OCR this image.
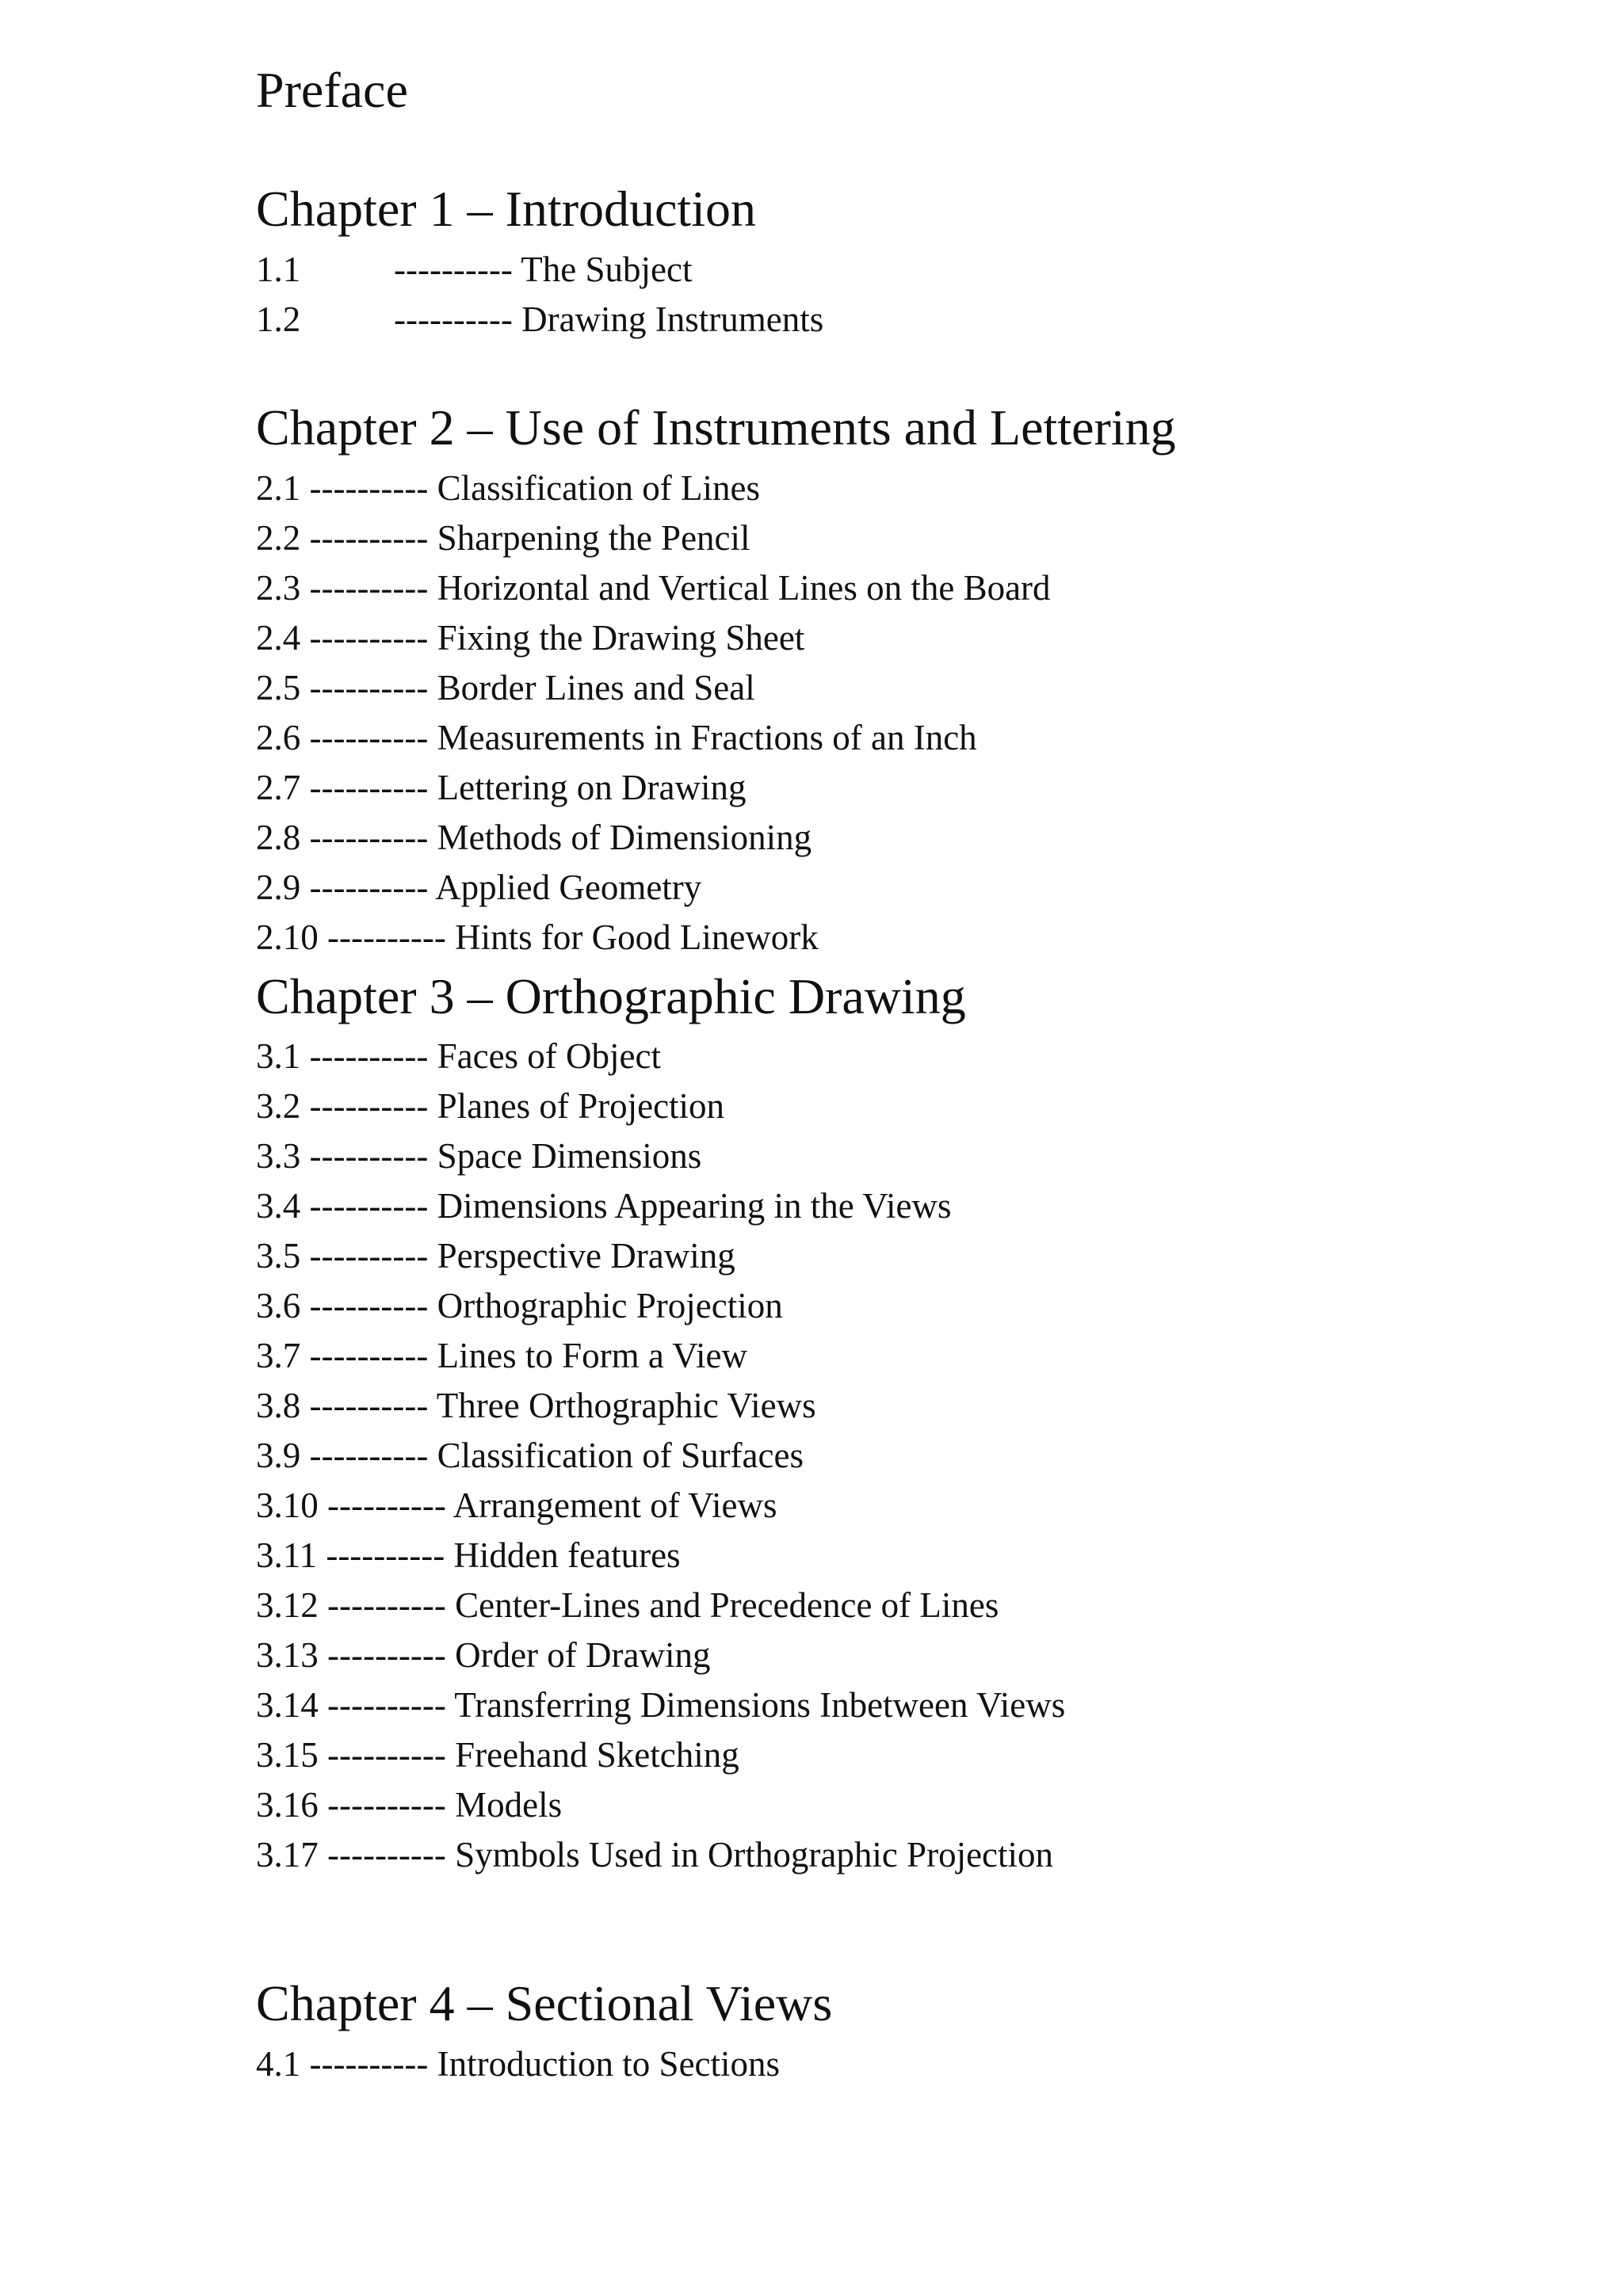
Preface
Chapter 1 – Introduction
1.1	---------- The Subject
1.2	---------- Drawing Instruments
Chapter 2 – Use of Instruments and Lettering
2.1 ---------- Classification of Lines
2.2 ---------- Sharpening the Pencil
2.3 ---------- Horizontal and Vertical Lines on the Board
2.4 ---------- Fixing the Drawing Sheet
2.5 ---------- Border Lines and Seal
2.6 ---------- Measurements in Fractions of an Inch
2.7 ---------- Lettering on Drawing
2.8 ---------- Methods of Dimensioning
2.9 ---------- Applied Geometry
2.10 ---------- Hints for Good Linework
Chapter 3 – Orthographic Drawing
3.1 ---------- Faces of Object
3.2 ---------- Planes of Projection
3.3 ---------- Space Dimensions
3.4 ---------- Dimensions Appearing in the Views
3.5 ---------- Perspective Drawing
3.6 ---------- Orthographic Projection
3.7 ---------- Lines to Form a View
3.8 ---------- Three Orthographic Views
3.9 ---------- Classification of Surfaces
3.10 ---------- Arrangement of Views
3.11 ---------- Hidden features
3.12 ---------- Center-Lines and Precedence of Lines
3.13 ---------- Order of Drawing
3.14 ---------- Transferring Dimensions Inbetween Views
3.15 ---------- Freehand Sketching
3.16 ---------- Models
3.17 ---------- Symbols Used in Orthographic Projection
Chapter 4 – Sectional Views
4.1 ---------- Introduction to Sections
